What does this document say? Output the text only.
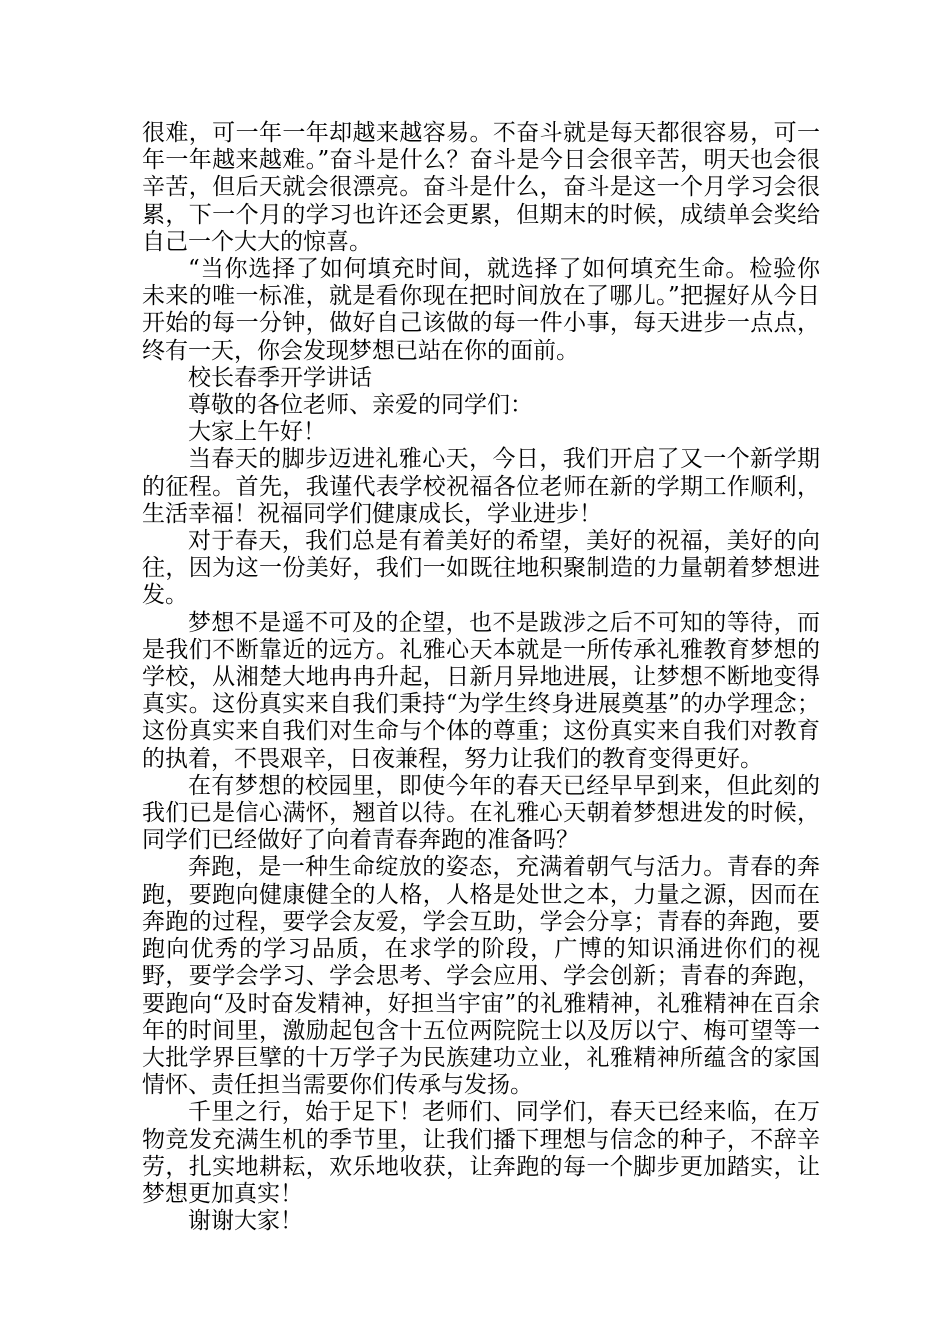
很难，可一年一年却越来越容易。不奋斗就是每天都很容易，可一年一年越来越难。”奋斗是什么？奋斗是今日会很辛苦，明天也会很辛苦，但后天就会很漂亮。奋斗是什么，奋斗是这一个月学习会很累，下一个月的学习也许还会更累，但期末的时候，成绩单会奖给自己一个大大的惊喜。

“当你选择了如何填充时间，就选择了如何填充生命。检验你未来的唯一标准，就是看你现在把时间放在了哪儿。”把握好从今日开始的每一分钟，做好自己该做的每一件小事，每天进步一点点，终有一天，你会发现梦想已站在你的面前。

校长春季开学讲话

尊敬的各位老师、亲爱的同学们：

大家上午好！

当春天的脚步迈进礼雅心天，今日，我们开启了又一个新学期的征程。首先，我谨代表学校祝福各位老师在新的学期工作顺利，生活幸福！祝福同学们健康成长，学业进步！

对于春天，我们总是有着美好的希望，美好的祝福，美好的向往，因为这一份美好，我们一如既往地积聚制造的力量朝着梦想进发。

梦想不是遥不可及的企望，也不是跋涉之后不可知的等待，而是我们不断靠近的远方。礼雅心天本就是一所传承礼雅教育梦想的学校，从湘楚大地冉冉升起，日新月异地进展，让梦想不断地变得真实。这份真实来自我们秉持“为学生终身进展奠基”的办学理念；这份真实来自我们对生命与个体的尊重；这份真实来自我们对教育的执着，不畏艰辛，日夜兼程，努力让我们的教育变得更好。

在有梦想的校园里，即使今年的春天已经早早到来，但此刻的我们已是信心满怀，翘首以待。在礼雅心天朝着梦想进发的时候，同学们已经做好了向着青春奔跑的准备吗？

奔跑，是一种生命绽放的姿态，充满着朝气与活力。青春的奔跑，要跑向健康健全的人格，人格是处世之本，力量之源，因而在奔跑的过程，要学会友爱，学会互助，学会分享；青春的奔跑，要跑向优秀的学习品质，在求学的阶段，广博的知识涌进你们的视野，要学会学习、学会思考、学会应用、学会创新；青春的奔跑，要跑向“及时奋发精神，好担当宇宙”的礼雅精神，礼雅精神在百余年的时间里，激励起包含十五位两院院士以及厉以宁、梅可望等一大批学界巨擘的十万学子为民族建功立业，礼雅精神所蕴含的家国情怀、责任担当需要你们传承与发扬。

千里之行，始于足下！老师们、同学们，春天已经来临，在万物竞发充满生机的季节里，让我们播下理想与信念的种子，不辞辛劳，扎实地耕耘，欢乐地收获，让奔跑的每一个脚步更加踏实，让梦想更加真实！

谢谢大家！
